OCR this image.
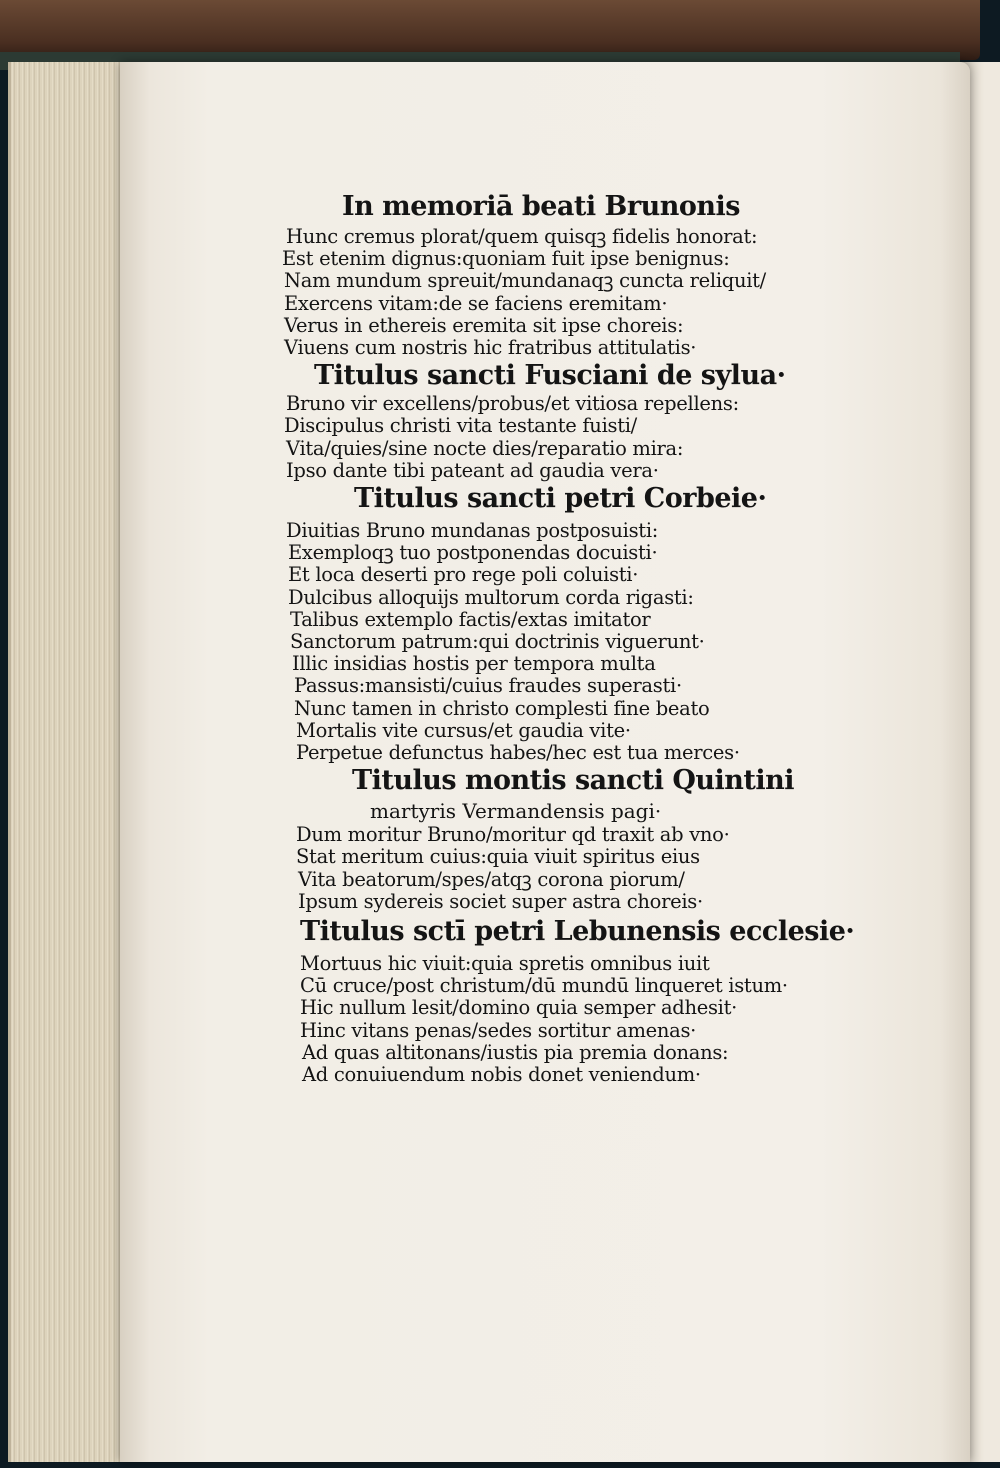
In memoriā beati Brunonis
Hunc cremus plorat/quem quisqꝫ fidelis honorat:
Est etenim dignus:quoniam fuit ipse benignus:
Nam mundum spreuit/mundanaqꝫ cuncta reliquit/
Exercens vitam:de se faciens eremitam·
Verus in ethereis eremita sit ipse choreis:
Viuens cum nostris hic fratribus attitulatis·
Titulus sancti Fusciani de sylua·
Bruno vir excellens/probus/et vitiosa repellens:
Discipulus christi vita testante fuisti/
Vita/quies/sine nocte dies/reparatio mira:
Ipso dante tibi pateant ad gaudia vera·
Titulus sancti petri Corbeie·
Diuitias Bruno mundanas postposuisti:
Exemploqꝫ tuo postponendas docuisti·
Et loca deserti pro rege poli coluisti·
Dulcibus alloquijs multorum corda rigasti:
Talibus extemplo factis/extas imitator
Sanctorum patrum:qui doctrinis viguerunt·
Illic insidias hostis per tempora multa
Passus:mansisti/cuius fraudes superasti·
Nunc tamen in christo complesti fine beato
Mortalis vite cursus/et gaudia vite·
Perpetue defunctus habes/hec est tua merces·
Titulus montis sancti Quintini
martyris Vermandensis pagi·
Dum moritur Bruno/moritur qd traxit ab vno·
Stat meritum cuius:quia viuit spiritus eius
Vita beatorum/spes/atqꝫ corona piorum/
Ipsum sydereis societ super astra choreis·
Titulus sctī petri Lebunensis ecclesie·
Mortuus hic viuit:quia spretis omnibus iuit
Cū cruce/post christum/dū mundū linqueret istum·
Hic nullum lesit/domino quia semper adhesit·
Hinc vitans penas/sedes sortitur amenas·
Ad quas altitonans/iustis pia premia donans:
Ad conuiuendum nobis donet veniendum·
